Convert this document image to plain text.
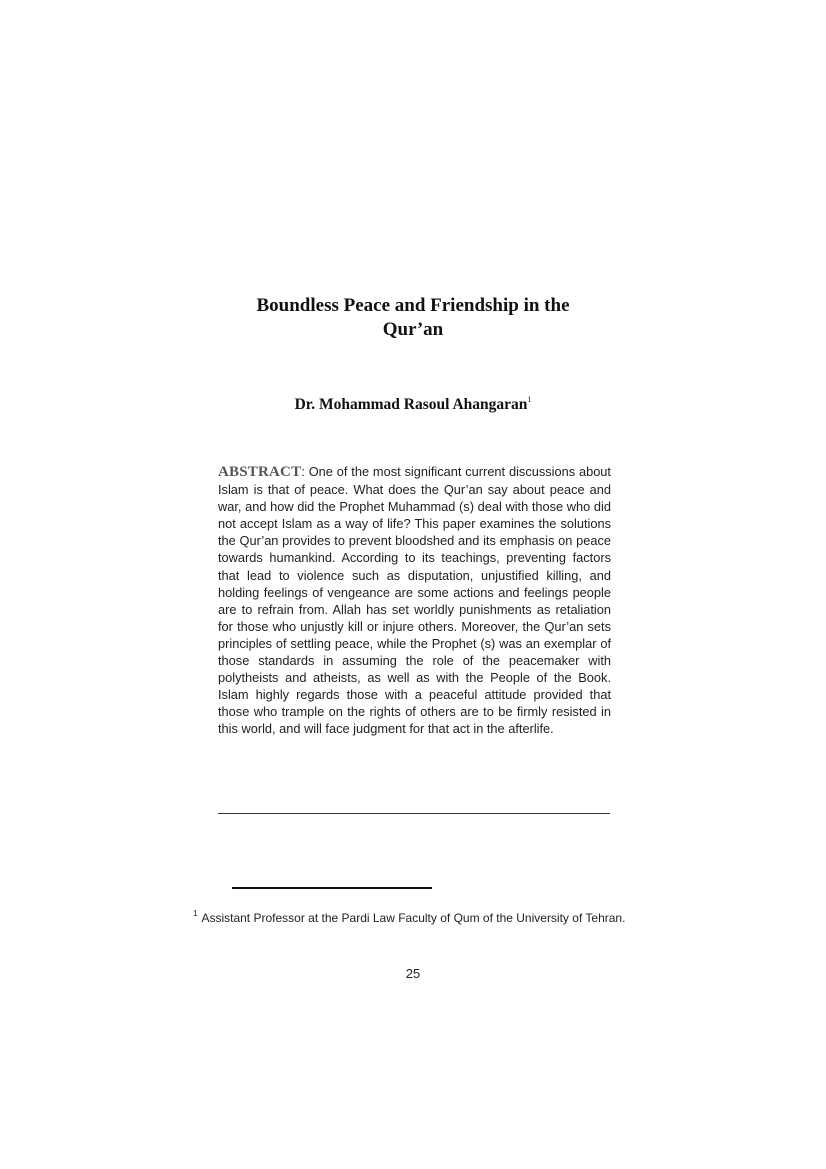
Boundless Peace and Friendship in the
Qur’an
Dr. Mohammad Rasoul Ahangaran$^1$
ABSTRACT: One of the most significant current discussions about Islam is that of peace. What does the Qur’an say about peace and war, and how did the Prophet Muhammad (s) deal with those who did not accept Islam as a way of life? This paper examines the solutions the Qur’an provides to prevent bloodshed and its emphasis on peace towards humankind. According to its teachings, preventing factors that lead to violence such as disputation, unjustified killing, and holding feelings of vengeance are some actions and feelings people are to refrain from. Allah has set worldly punishments as retaliation for those who unjustly kill or injure others. Moreover, the Qur’an sets principles of settling peace, while the Prophet (s) was an exemplar of those standards in assuming the role of the peacemaker with polytheists and atheists, as well as with the People of the Book. Islam highly regards those with a peaceful attitude provided that those who trample on the rights of others are to be firmly resisted in this world, and will face judgment for that act in the afterlife.
$^1$ Assistant Professor at the Pardi Law Faculty of Qum of the University of Tehran.
25
